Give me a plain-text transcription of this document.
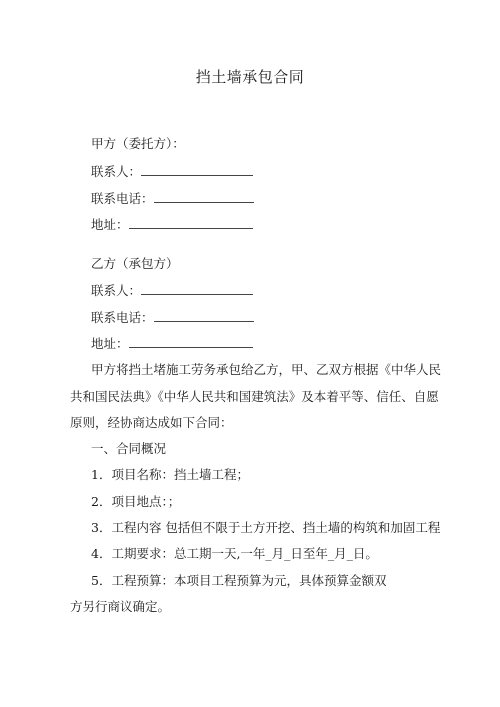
挡土墙承包合同
甲方（委托方）：
联系人：
联系电话：
地址：
乙方（承包方）
联系人：
联系电话：
地址：
甲方将挡土堵施工劳务承包给乙方，甲、乙双方根据《中华人民
共和国民法典》《中华人民共和国建筑法》及本着平等、信任、自愿
原则，经协商达成如下合同：
一、合同概况
1．项目名称：挡土墙工程；
2．项目地点：；
3．工程内容 包括但不限于土方开挖、挡土墙的构筑和加固工程
4．工期要求：总工期一天,一年_月_日至年_月_日。
5．工程预算：本项目工程预算为元，具体预算金额双
方另行商议确定。
